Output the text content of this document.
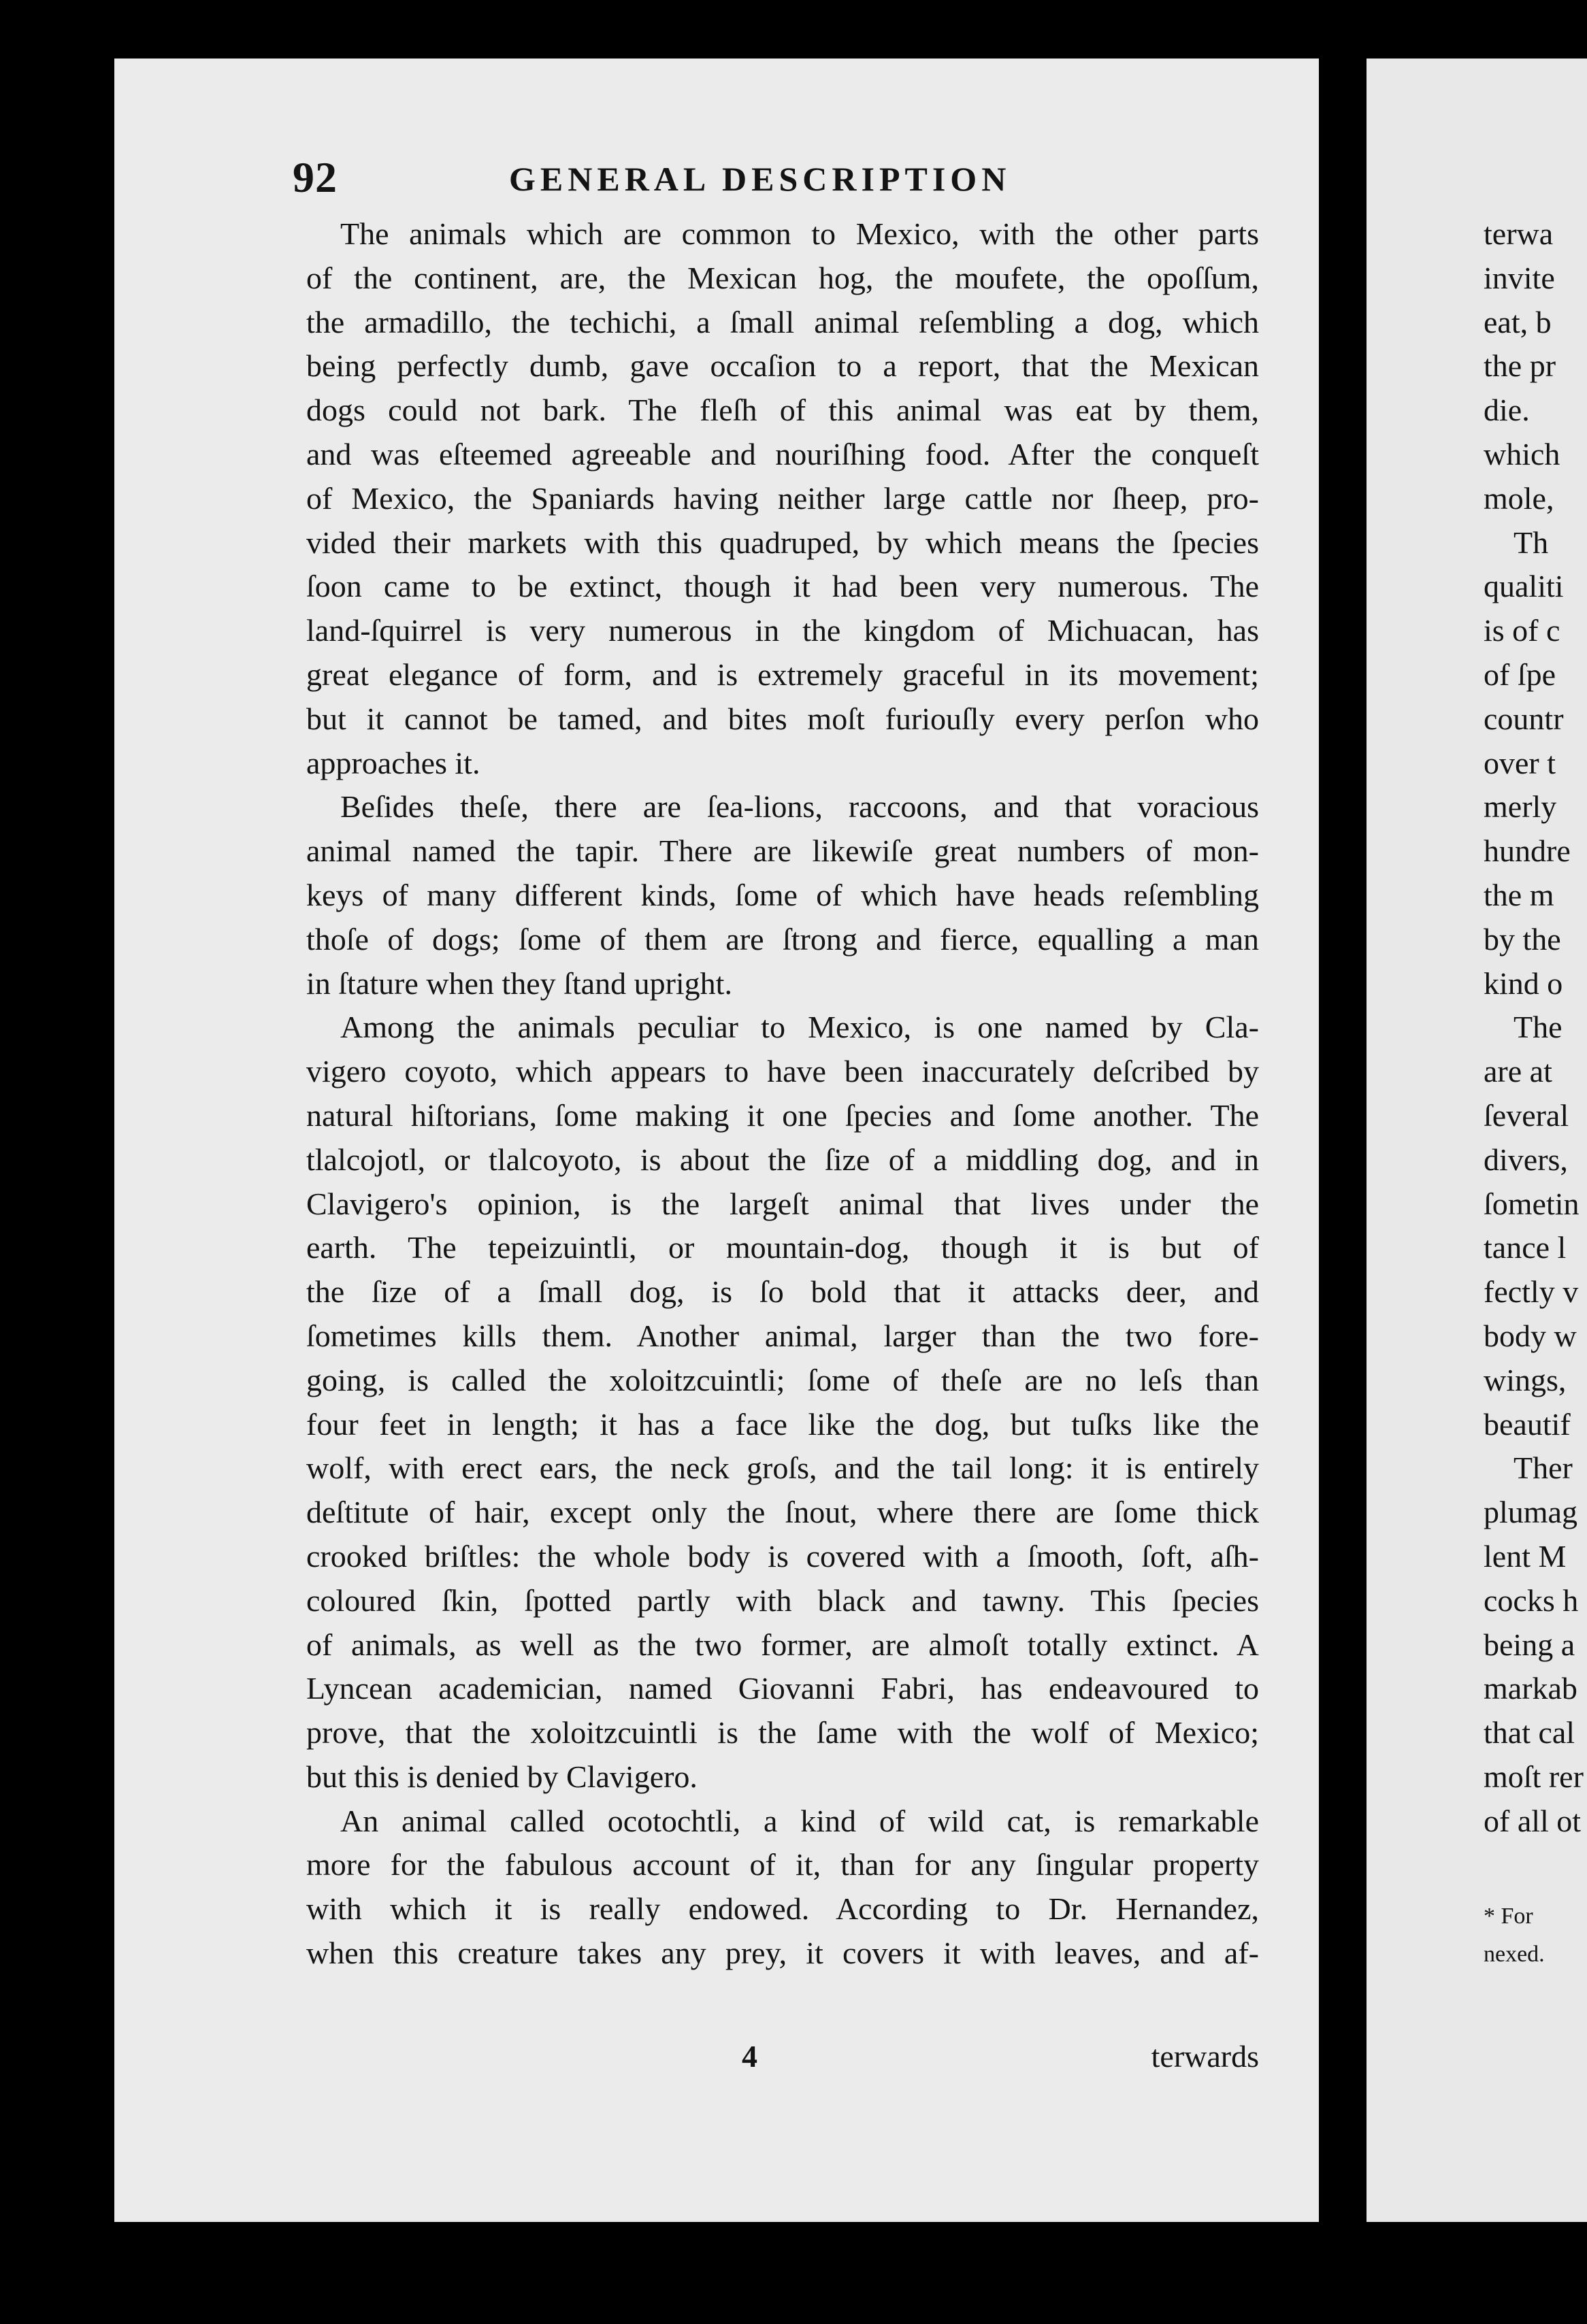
92	GENERAL DESCRIPTION
The animals which are common to Mexico, with the other parts
of the continent, are, the Mexican hog, the moufete, the opoſſum,
the armadillo, the techichi, a ſmall animal reſembling a dog, which
being perfectly dumb, gave occaſion to a report, that the Mexican
dogs could not bark. The fleſh of this animal was eat by them,
and was eſteemed agreeable and nouriſhing food. After the conqueſt
of Mexico, the Spaniards having neither large cattle nor ſheep, pro-
vided their markets with this quadruped, by which means the ſpecies
ſoon came to be extinct, though it had been very numerous. The
land-ſquirrel is very numerous in the kingdom of Michuacan, has
great elegance of form, and is extremely graceful in its movement;
but it cannot be tamed, and bites moſt furiouſly every perſon who
approaches it.
Beſides theſe, there are ſea-lions, raccoons, and that voracious
animal named the tapir. There are likewiſe great numbers of mon-
keys of many different kinds, ſome of which have heads reſembling
thoſe of dogs; ſome of them are ſtrong and fierce, equalling a man
in ſtature when they ſtand upright.
Among the animals peculiar to Mexico, is one named by Cla-
vigero coyoto, which appears to have been inaccurately deſcribed by
natural hiſtorians, ſome making it one ſpecies and ſome another. The
tlalcojotl, or tlalcoyoto, is about the ſize of a middling dog, and in
Clavigero's opinion, is the largeſt animal that lives under the
earth. The tepeizuintli, or mountain-dog, though it is but of
the ſize of a ſmall dog, is ſo bold that it attacks deer, and
ſometimes kills them. Another animal, larger than the two fore-
going, is called the xoloitzcuintli; ſome of theſe are no leſs than
four feet in length; it has a face like the dog, but tuſks like the
wolf, with erect ears, the neck groſs, and the tail long: it is entirely
deſtitute of hair, except only the ſnout, where there are ſome thick
crooked briſtles: the whole body is covered with a ſmooth, ſoft, aſh-
coloured ſkin, ſpotted partly with black and tawny. This ſpecies
of animals, as well as the two former, are almoſt totally extinct. A
Lyncean academician, named Giovanni Fabri, has endeavoured to
prove, that the xoloitzcuintli is the ſame with the wolf of Mexico;
but this is denied by Clavigero.
An animal called ocotochtli, a kind of wild cat, is remarkable
more for the fabulous account of it, than for any ſingular property
with which it is really endowed. According to Dr. Hernandez,
when this creature takes any prey, it covers it with leaves, and af-
4	terwards
terwa
invite
eat, b
the pr
die.
which
mole,
Th
qualiti
is of c
of ſpe
countr
over t
merly
hundre
the m
by the
kind o
The
are at
ſeveral
divers,
ſometin
tance l
fectly v
body w
wings,
beautif
Ther
plumag
lent M
cocks h
being a
markab
that cal
moſt rer
of all ot
* For
nexed.
